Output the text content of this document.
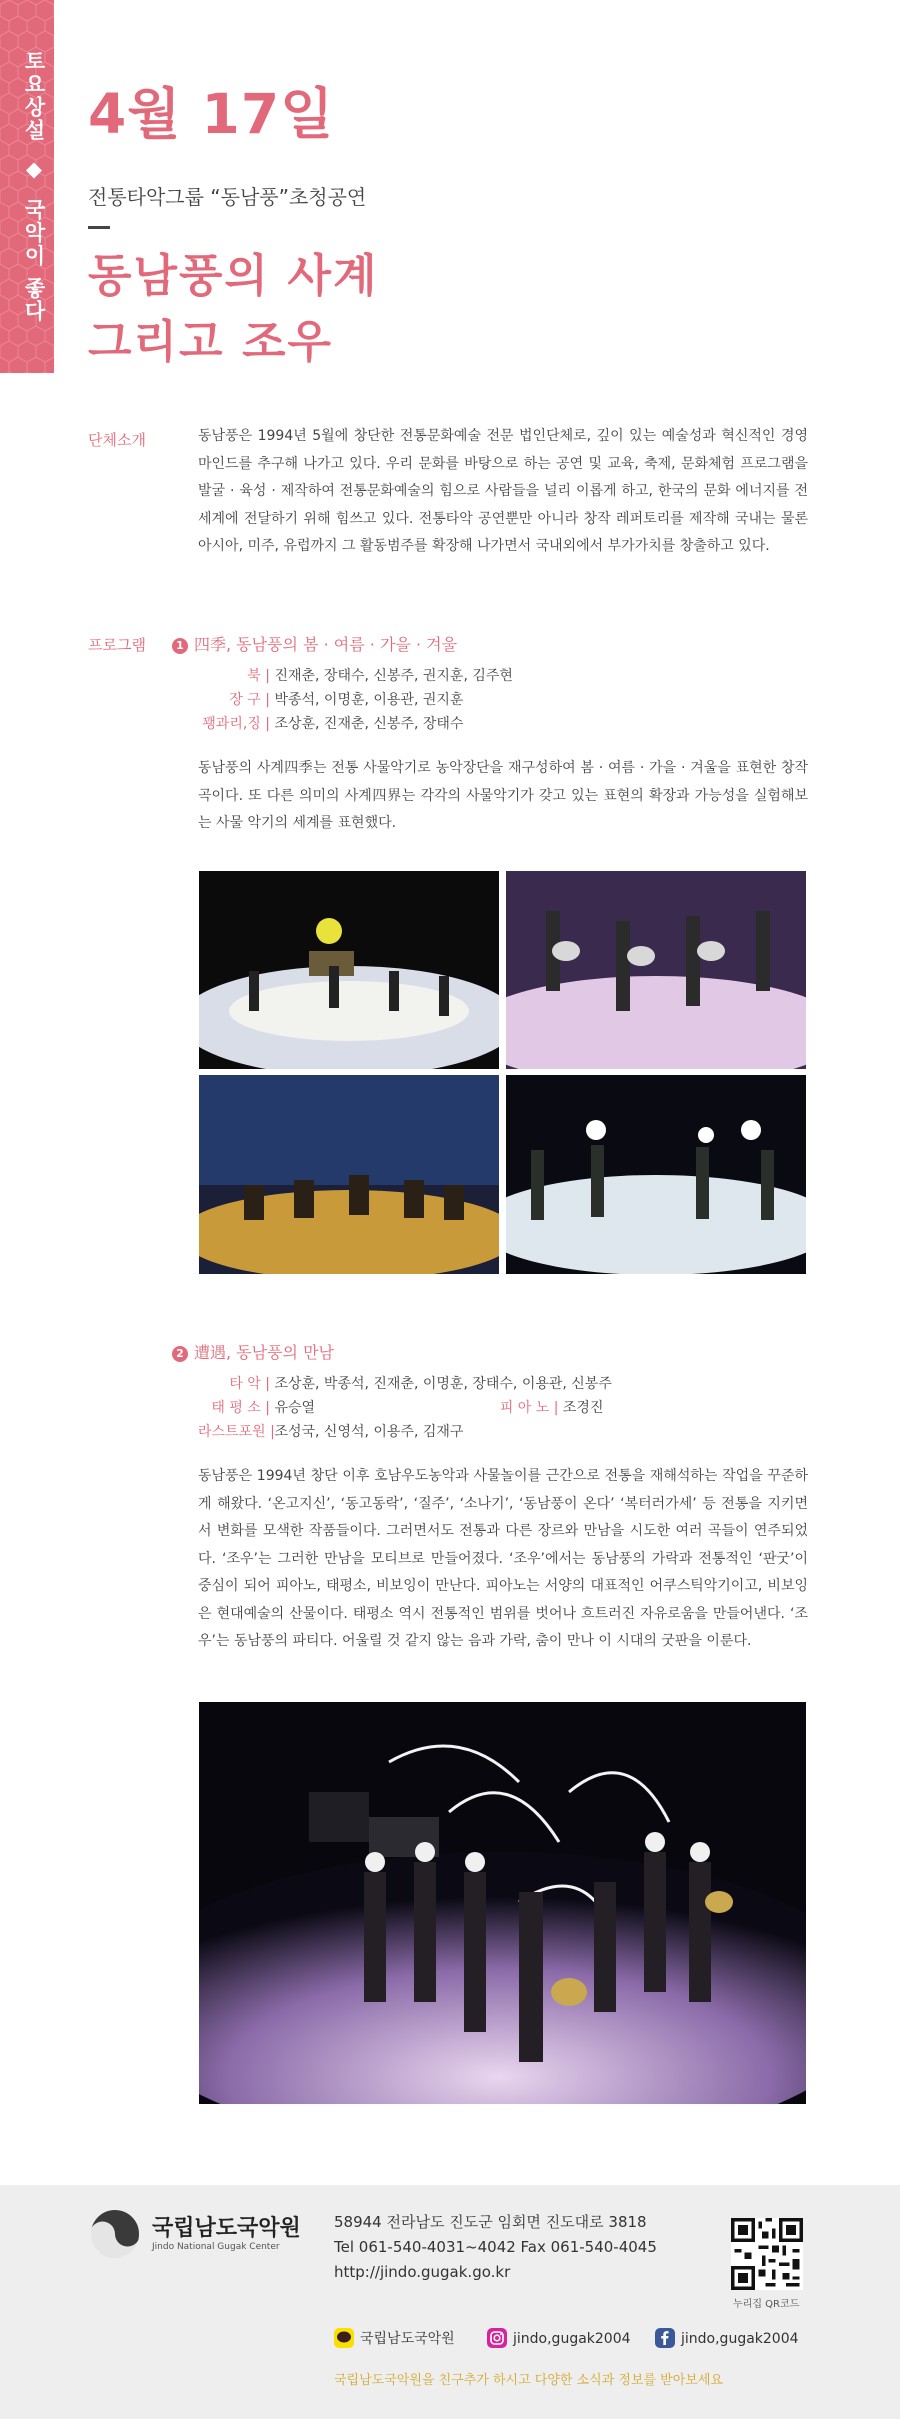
토요상설 ◆ 국악이 좋다
4월 17일
전통타악그룹 “동남풍”초청공연
동남풍의 사계
그리고 조우
단체소개	동남풍은 1994년 5월에 창단한 전통문화예술 전문 법인단체로, 깊이 있는 예술성과 혁신적인 경영마인드를 추구해 나가고 있다. 우리 문화를 바탕으로 하는 공연 및 교육, 축제, 문화체험 프로그램을 발굴 · 육성 · 제작하여 전통문화예술의 힘으로 사람들을 널리 이롭게 하고, 한국의 문화 에너지를 전 세계에 전달하기 위해 힘쓰고 있다. 전통타악 공연뿐만 아니라 창작 레퍼토리를 제작해 국내는 물론 아시아, 미주, 유럽까지 그 활동범주를 확장해 나가면서 국내외에서 부가가치를 창출하고 있다.
프로그램	1 四季, 동남풍의 봄 · 여름 · 가을 · 겨울
북 | 진재춘, 장태수, 신봉주, 권지훈, 김주현
장 구 | 박종석, 이명훈, 이용관, 권지훈
꽹과리,징 | 조상훈, 진재춘, 신봉주, 장태수
동남풍의 사계四季는 전통 사물악기로 농악장단을 재구성하여 봄 · 여름 · 가을 · 겨울을 표현한 창작곡이다. 또 다른 의미의 사계四界는 각각의 사물악기가 갖고 있는 표현의 확장과 가능성을 실험해보는 사물 악기의 세계를 표현했다.
2 遭遇, 동남풍의 만남
타 악 | 조상훈, 박종석, 진재춘, 이명훈, 장태수, 이용관, 신봉주
태 평 소 | 유승열	피 아 노 | 조경진
라스트포원 | 조성국, 신영석, 이용주, 김재구
동남풍은 1994년 창단 이후 호남우도농악과 사물놀이를 근간으로 전통을 재해석하는 작업을 꾸준하게 해왔다. ‘온고지신’, ‘동고동락’, ‘질주’, ‘소나기’, ‘동남풍이 온다’ ‘복터러가세’ 등 전통을 지키면서 변화를 모색한 작품들이다. 그러면서도 전통과 다른 장르와 만남을 시도한 여러 곡들이 연주되었다. ‘조우’는 그러한 만남을 모티브로 만들어졌다. ‘조우’에서는 동남풍의 가락과 전통적인 ‘판굿’이 중심이 되어 피아노, 태평소, 비보잉이 만난다. 피아노는 서양의 대표적인 어쿠스틱악기이고, 비보잉은 현대예술의 산물이다. 태평소 역시 전통적인 범위를 벗어나 흐트러진 자유로움을 만들어낸다. ‘조우’는 동남풍의 파티다. 어울릴 것 같지 않는 음과 가락, 춤이 만나 이 시대의 굿판을 이룬다.
국립남도국악원
Jindo National Gugak Center
58944 전라남도 진도군 임회면 진도대로 3818
Tel 061-540-4031~4042 Fax 061-540-4045
http://jindo.gugak.go.kr
누리집 QR코드
국립남도국악원	jindo,gugak2004	jindo,gugak2004
국립남도국악원을 친구추가 하시고 다양한 소식과 정보를 받아보세요
